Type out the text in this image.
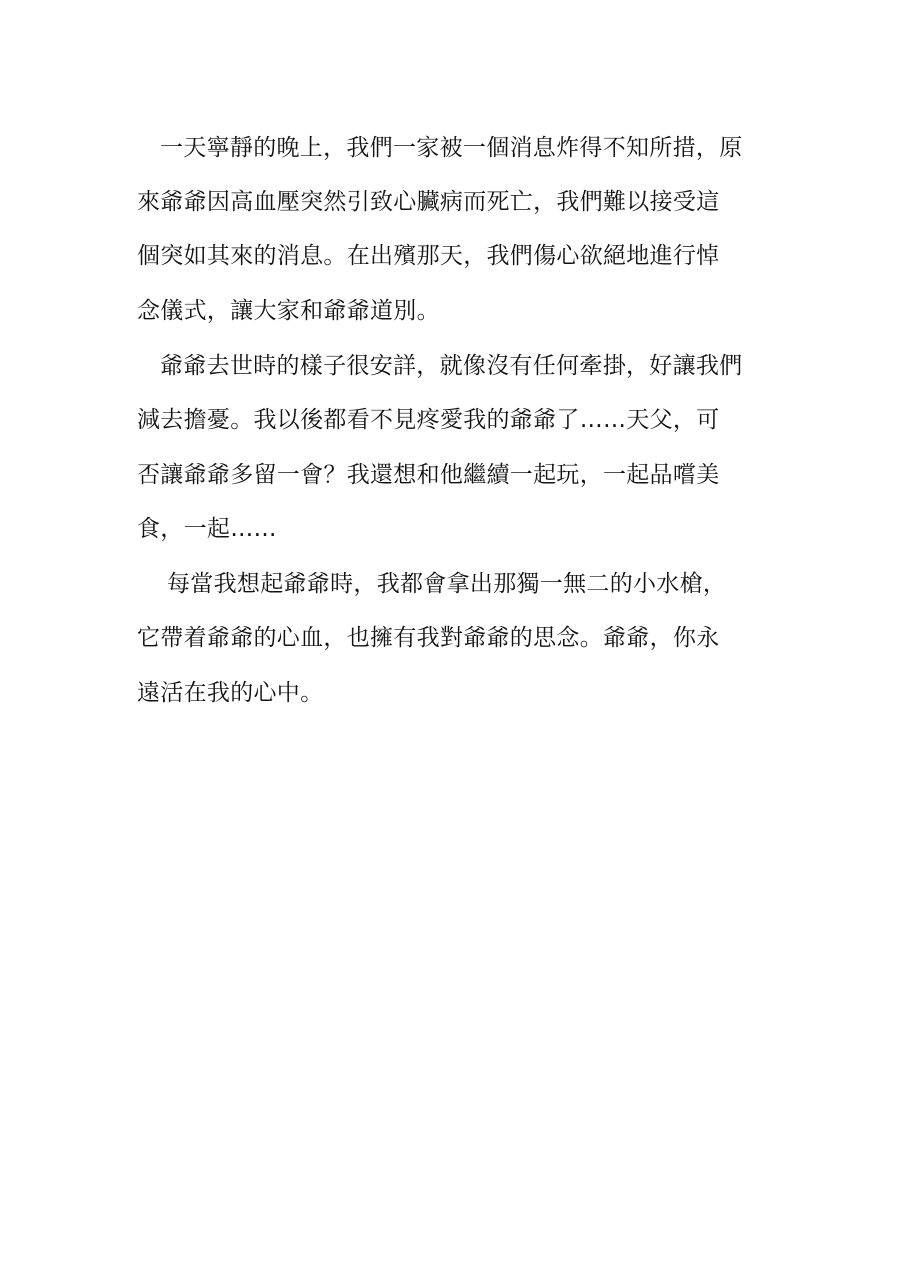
一天寧靜的晚上，我們一家被一個消息炸得不知所措，原
來爺爺因高血壓突然引致心臟病而死亡，我們難以接受這
個突如其來的消息。在出殯那天，我們傷心欲絕地進行悼
念儀式，讓大家和爺爺道別。
爺爺去世時的樣子很安詳，就像沒有任何牽掛，好讓我們
減去擔憂。我以後都看不見疼愛我的爺爺了……天父，可
否讓爺爺多留一會？我還想和他繼續一起玩，一起品嚐美
食，一起……
每當我想起爺爺時，我都會拿出那獨一無二的小水槍，
它帶着爺爺的心血，也擁有我對爺爺的思念。爺爺，你永
遠活在我的心中。
